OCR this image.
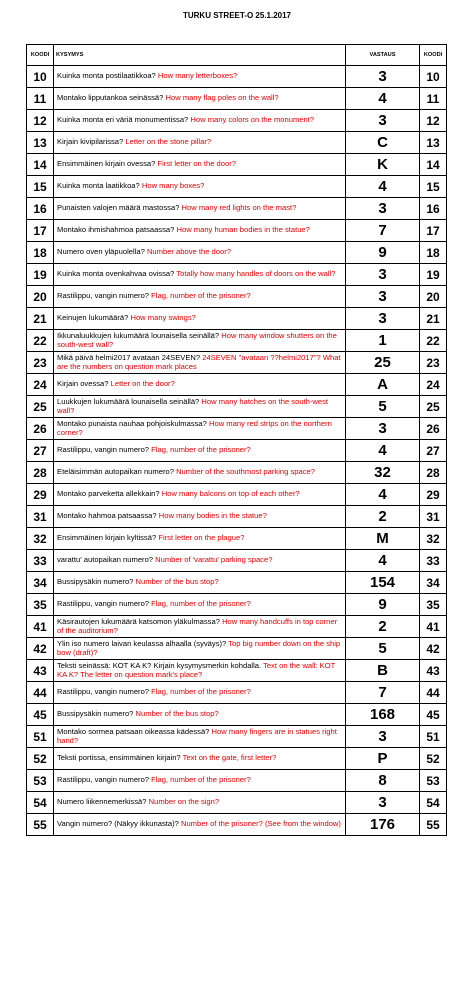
TURKU STREET-O 25.1.2017
KOODI	KYSYMYS	VASTAUS	KOODI
10	Kuinka monta postilaatikkoa? How many letterboxes?	3	10
11	Montako lipputankoa seinässä? How many flag poles on the wall?	4	11
12	Kuinka monta eri väriä monumentissa? How many colors on the monument?	3	12
13	Kirjain kivipilarissa? Letter on the stone pillar?	C	13
14	Ensimmäinen kirjain ovessa? First letter on the door?	K	14
15	Kuinka monta laatikkoa? How many boxes?	4	15
16	Punaisten valojen määrä mastossa? How many red lights on the mast?	3	16
17	Montako ihmishahmoa patsaassa? How many human bodies in the statue?	7	17
18	Numero oven yläpuolella? Number above the door?	9	18
19	Kuinka monta ovenkahvaa ovissa? Totally how many handles of doors on the wall?	3	19
20	Rastilippu, vangin numero? Flag, number of the prisoner?	3	20
21	Keinujen lukumäärä? How many swings?	3	21
22	Ikkunaluukkujen lukumäärä lounaisella seinällä? How many window shutters on the south-west wall?	1	22
23	Mikä päivä helmi2017 avataan 24SEVEN? 24SEVEN "avataan ??helmi2017"? What are the numbers on question mark places	25	23
24	Kirjain ovessa? Letter on the door?	A	24
25	Luukkujen lukumäärä lounaisella seinällä? How many hatches on the south-west wall?	5	25
26	Montako punaista nauhaa pohjoiskulmassa? How many red strips on the northern corner?	3	26
27	Rastilippu, vangin numero? Flag, number of the prisoner?	4	27
28	Eteläisimmän autopaikan numero? Number of the southmost parking space?	32	28
29	Montako parveketta allekkain? How many balcons on top of each other?	4	29
31	Montako hahmoa patsaassa? How many bodies in the statue?	2	31
32	Ensimmäinen kirjain kyltissä? First letter on the plague?	M	32
33	varattu' autopaikan numero? Number of 'varattu' parking space?	4	33
34	Bussipysäkin numero? Number of the bus stop?	154	34
35	Rastilippu, vangin numero? Flag, number of the prisoner?	9	35
41	Käsirautojen lukumäärä katsomon yläkulmassa? How many handcuffs in top corner of the auditorium?	2	41
42	Ylin iso numero laivan keulassa alhaalla (syväys)? Top big number down on the ship bow (draft)?	5	42
43	Teksti seinässä: KOT KA K? Kirjain kysymysmerkin kohdalla. Text on the wall: KOT KA K? The letter on question mark's place?	B	43
44	Rastilippu, vangin numero? Flag, number of the prisoner?	7	44
45	Bussipysäkin numero? Number of the bus stop?	168	45
51	Montako sormea patsaan oikeassa kädessä? How many fingers are in statues right hand?	3	51
52	Teksti portissa, ensimmäinen kirjain? Text on the gate, first letter?	P	52
53	Rastilippu, vangin numero? Flag, number of the prisoner?	8	53
54	Numero liikennemerkissä? Number on the sign?	3	54
55	Vangin numero? (Näkyy ikkunasta)? Number of the prisoner? (See from the window)	176	55
